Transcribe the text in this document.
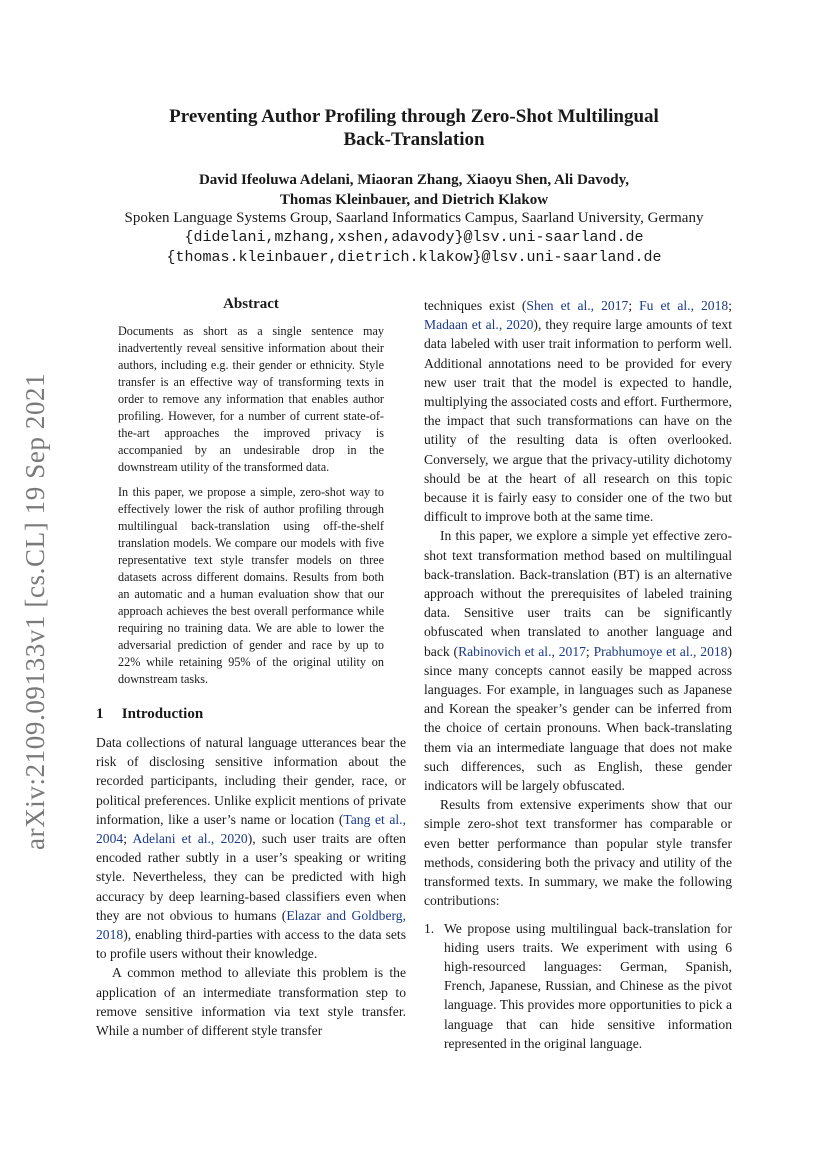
arXiv:2109.09133v1 [cs.CL] 19 Sep 2021
Preventing Author Profiling through Zero-Shot Multilingual
Back-Translation
David Ifeoluwa Adelani, Miaoran Zhang, Xiaoyu Shen, Ali Davody,
Thomas Kleinbauer, and Dietrich Klakow
Spoken Language Systems Group, Saarland Informatics Campus, Saarland University, Germany
{didelani,mzhang,xshen,adavody}@lsv.uni-saarland.de
{thomas.kleinbauer,dietrich.klakow}@lsv.uni-saarland.de
Abstract

Documents as short as a single sentence may inadvertently reveal sensitive information about their authors, including e.g. their gender or ethnicity. Style transfer is an effective way of transforming texts in order to remove any information that enables author profiling. However, for a number of current state-of-the-art approaches the improved privacy is accompanied by an undesirable drop in the downstream utility of the transformed data.

In this paper, we propose a simple, zero-shot way to effectively lower the risk of author profiling through multilingual back-translation using off-the-shelf translation models. We compare our models with five representative text style transfer models on three datasets across different domains. Results from both an automatic and a human evaluation show that our approach achieves the best overall performance while requiring no training data. We are able to lower the adversarial prediction of gender and race by up to 22% while retaining 95% of the original utility on downstream tasks.

1 Introduction

Data collections of natural language utterances bear the risk of disclosing sensitive information about the recorded participants, including their gender, race, or political preferences. Unlike explicit mentions of private information, like a user’s name or location (Tang et al., 2004; Adelani et al., 2020), such user traits are often encoded rather subtly in a user’s speaking or writing style. Nevertheless, they can be predicted with high accuracy by deep learning-based classifiers even when they are not obvious to humans (Elazar and Goldberg, 2018), enabling third-parties with access to the data sets to profile users without their knowledge.

A common method to alleviate this problem is the application of an intermediate transformation step to remove sensitive information via text style transfer. While a number of different style transfer

techniques exist (Shen et al., 2017; Fu et al., 2018; Madaan et al., 2020), they require large amounts of text data labeled with user trait information to perform well. Additional annotations need to be provided for every new user trait that the model is expected to handle, multiplying the associated costs and effort. Furthermore, the impact that such transformations can have on the utility of the resulting data is often overlooked. Conversely, we argue that the privacy-utility dichotomy should be at the heart of all research on this topic because it is fairly easy to consider one of the two but difficult to improve both at the same time.

In this paper, we explore a simple yet effective zero-shot text transformation method based on multilingual back-translation. Back-translation (BT) is an alternative approach without the prerequisites of labeled training data. Sensitive user traits can be significantly obfuscated when translated to another language and back (Rabinovich et al., 2017; Prabhumoye et al., 2018) since many concepts cannot easily be mapped across languages. For example, in languages such as Japanese and Korean the speaker’s gender can be inferred from the choice of certain pronouns. When back-translating them via an intermediate language that does not make such differences, such as English, these gender indicators will be largely obfuscated.

Results from extensive experiments show that our simple zero-shot text transformer has comparable or even better performance than popular style transfer methods, considering both the privacy and utility of the transformed texts. In summary, we make the following contributions:

1. We propose using multilingual back-translation for hiding users traits. We experiment with using 6 high-resourced languages: German, Spanish, French, Japanese, Russian, and Chinese as the pivot language. This provides more opportunities to pick a language that can hide sensitive information represented in the original language.
